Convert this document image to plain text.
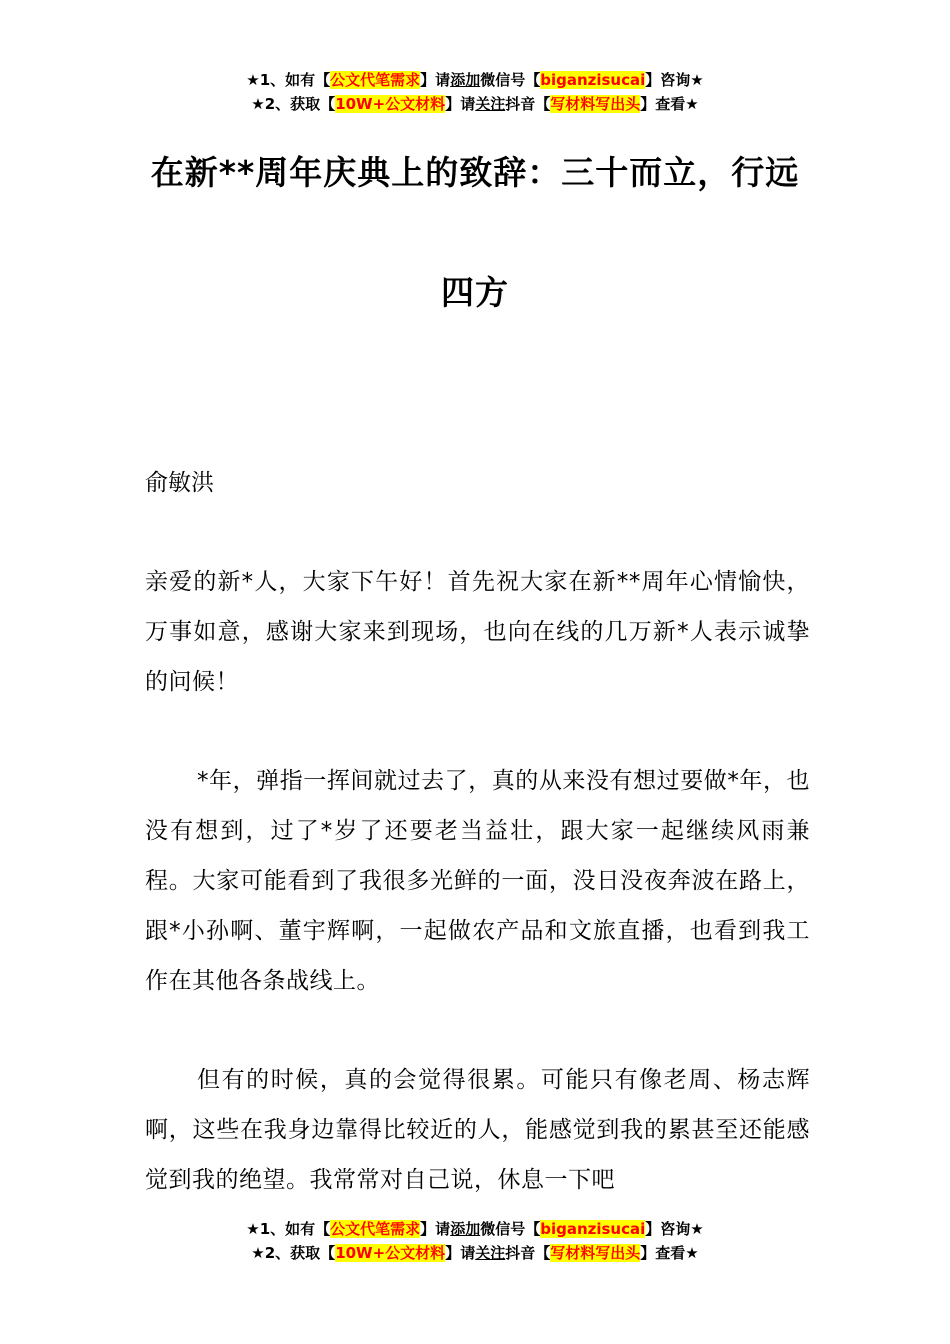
★1、如有【公文代笔需求】请添加微信号【biganzisucai】咨询★
★2、获取【10W+公文材料】请关注抖音【写材料写出头】查看★
在新**周年庆典上的致辞：三十而立，行远四方
俞敏洪
亲爱的新*人，大家下午好！首先祝大家在新**周年心情愉快，万事如意，感谢大家来到现场，也向在线的几万新*人表示诚挚的问候！
*年，弹指一挥间就过去了，真的从来没有想过要做*年，也没有想到，过了*岁了还要老当益壮，跟大家一起继续风雨兼程。大家可能看到了我很多光鲜的一面，没日没夜奔波在路上，跟*小孙啊、董宇辉啊，一起做农产品和文旅直播，也看到我工作在其他各条战线上。
但有的时候，真的会觉得很累。可能只有像老周、杨志辉啊，这些在我身边靠得比较近的人，能感觉到我的累甚至还能感觉到我的绝望。我常常对自己说，休息一下吧
★1、如有【公文代笔需求】请添加微信号【biganzisucai】咨询★
★2、获取【10W+公文材料】请关注抖音【写材料写出头】查看★
